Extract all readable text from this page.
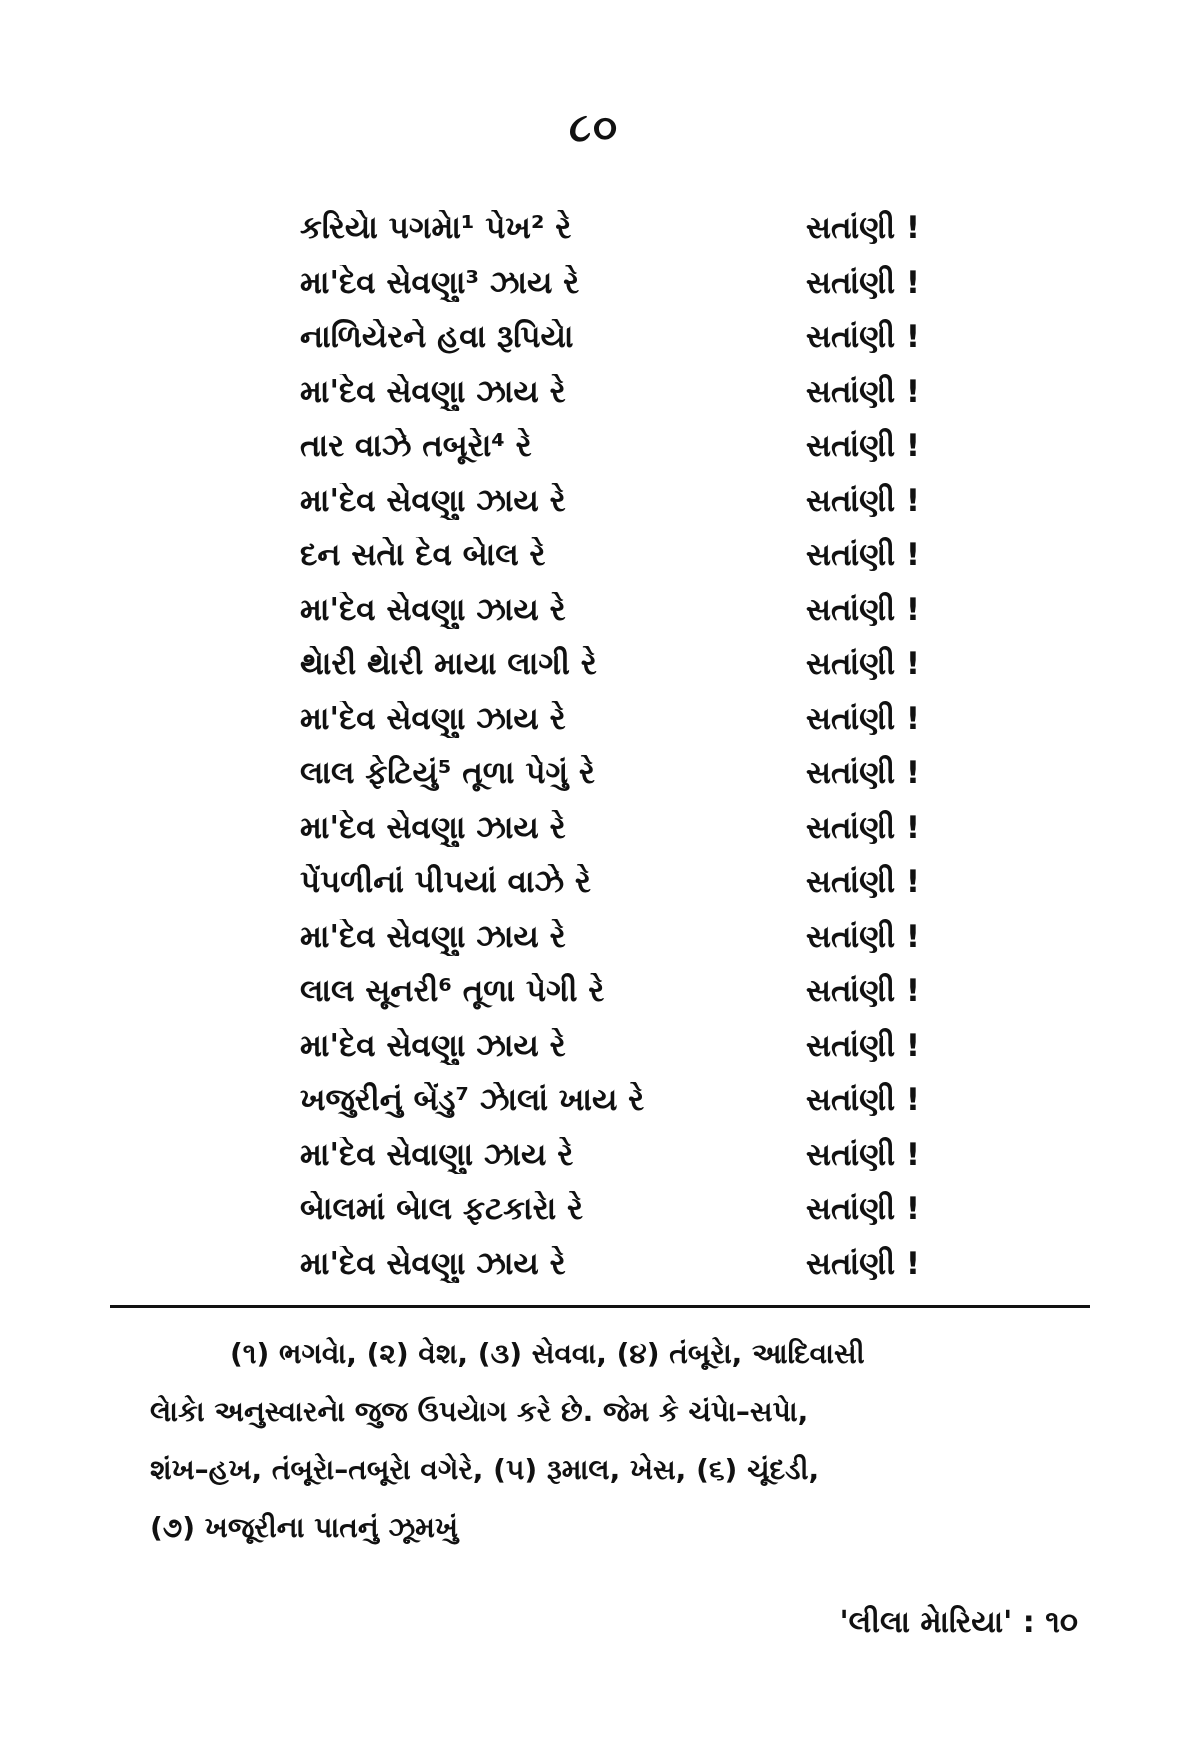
૮૦
કરિયેા પગમેા¹ પેખ² રે	સતાંણી !
મા'દેવ સેવણુા³ ઝાય રે	સતાંણી !
નાળિયેરને હવા રૂપિયેા	સતાંણી !
મા'દેવ સેવણુા ઝાય રે	સતાંણી !
તાર વાઝે તબૂરેા⁴ રે	સતાંણી !
મા'દેવ સેવણુા ઝાય રે	સતાંણી !
દન સતેા દેવ બેાલ રે	સતાંણી !
મા'દેવ સેવણુા ઝાય રે	સતાંણી !
થેારી થેારી માયા લાગી રે	સતાંણી !
મા'દેવ સેવણુા ઝાય રે	સતાંણી !
લાલ ફેટિયું⁵ તૂળા પેગું રે	સતાંણી !
મા'દેવ સેવણુા ઝાય રે	સતાંણી !
પેંપળીનાં પીપયાં વાઝે રે	સતાંણી !
મા'દેવ સેવણુા ઝાય રે	સતાંણી !
લાલ સૂનરી⁶ તૂળા પેગી રે	સતાંણી !
મા'દેવ સેવણુા ઝાય રે	સતાંણી !
ખજુરીનું બેંડુ⁷ ઝેાલાં ખાય રે	સતાંણી !
મા'દેવ સેવાણુા ઝાય રે	સતાંણી !
બેાલમાં બેાલ ફટકારેા રે	સતાંણી !
મા'દેવ સેવણુા ઝાય રે	સતાંણી !
(૧) ભગવેા, (૨) વેશ, (૩) સેવવા, (૪) તંબૂરેા, આદિવાસી
લેાકેા અનુસ્વારનેા જુજ ઉપયેાગ કરે છે. જેમ કે ચંપેા–સપેા,
શંખ–હખ, તંબૂરેા–તબૂરેા વગેરે, (૫) રૂમાલ, ખેસ, (૬) ચૂંદડી,
(૭) ખજૂરીના પાતનું ઝૂમખું
'લીલા મેારિયા' : ૧૦
